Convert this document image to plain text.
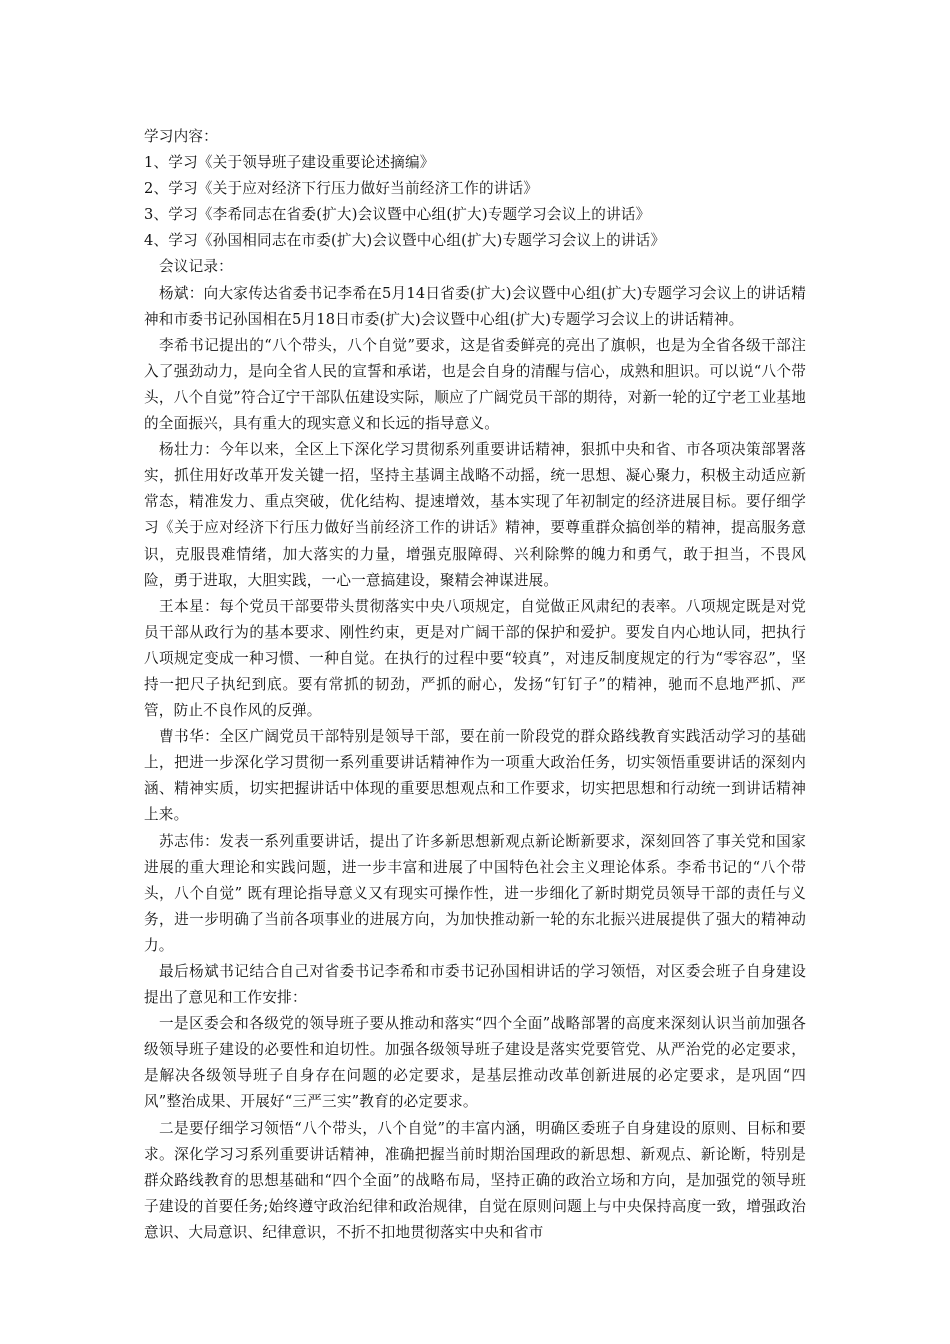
学习内容：

1、学习《关于领导班子建设重要论述摘编》

2、学习《关于应对经济下行压力做好当前经济工作的讲话》

3、学习《李希同志在省委(扩大)会议暨中心组(扩大)专题学习会议上的讲话》

4、学习《孙国相同志在市委(扩大)会议暨中心组(扩大)专题学习会议上的讲话》

会议记录：

杨斌：向大家传达省委书记李希在5月14日省委(扩大)会议暨中心组(扩大)专题学习会议上的讲话精神和市委书记孙国相在5月18日市委(扩大)会议暨中心组(扩大)专题学习会议上的讲话精神。

李希书记提出的“八个带头，八个自觉”要求，这是省委鲜亮的亮出了旗帜，也是为全省各级干部注入了强劲动力，是向全省人民的宣誓和承诺，也是会自身的清醒与信心，成熟和胆识。可以说“八个带头，八个自觉”符合辽宁干部队伍建设实际，顺应了广阔党员干部的期待，对新一轮的辽宁老工业基地的全面振兴，具有重大的现实意义和长远的指导意义。

杨壮力：今年以来，全区上下深化学习贯彻系列重要讲话精神，狠抓中央和省、市各项决策部署落实，抓住用好改革开发关键一招，坚持主基调主战略不动摇，统一思想、凝心聚力，积极主动适应新常态，精准发力、重点突破，优化结构、提速增效，基本实现了年初制定的经济进展目标。要仔细学习《关于应对经济下行压力做好当前经济工作的讲话》精神，要尊重群众搞创举的精神，提高服务意识，克服畏难情绪，加大落实的力量，增强克服障碍、兴利除弊的魄力和勇气，敢于担当，不畏风险，勇于进取，大胆实践，一心一意搞建设，聚精会神谋进展。

王本星：每个党员干部要带头贯彻落实中央八项规定，自觉做正风肃纪的表率。八项规定既是对党员干部从政行为的基本要求、刚性约束，更是对广阔干部的保护和爱护。要发自内心地认同，把执行八项规定变成一种习惯、一种自觉。在执行的过程中要“较真”，对违反制度规定的行为“零容忍”，坚持一把尺子执纪到底。要有常抓的韧劲，严抓的耐心，发扬“钉钉子”的精神，驰而不息地严抓、严管，防止不良作风的反弹。

曹书华：全区广阔党员干部特别是领导干部，要在前一阶段党的群众路线教育实践活动学习的基础上，把进一步深化学习贯彻一系列重要讲话精神作为一项重大政治任务，切实领悟重要讲话的深刻内涵、精神实质，切实把握讲话中体现的重要思想观点和工作要求，切实把思想和行动统一到讲话精神上来。

苏志伟：发表一系列重要讲话，提出了许多新思想新观点新论断新要求，深刻回答了事关党和国家进展的重大理论和实践问题，进一步丰富和进展了中国特色社会主义理论体系。李希书记的“八个带头，八个自觉” 既有理论指导意义又有现实可操作性，进一步细化了新时期党员领导干部的责任与义务，进一步明确了当前各项事业的进展方向，为加快推动新一轮的东北振兴进展提供了强大的精神动力。

最后杨斌书记结合自己对省委书记李希和市委书记孙国相讲话的学习领悟，对区委会班子自身建设提出了意见和工作安排：

一是区委会和各级党的领导班子要从推动和落实“四个全面”战略部署的高度来深刻认识当前加强各级领导班子建设的必要性和迫切性。加强各级领导班子建设是落实党要管党、从严治党的必定要求，是解决各级领导班子自身存在问题的必定要求，是基层推动改革创新进展的必定要求，是巩固“四风”整治成果、开展好“三严三实”教育的必定要求。

二是要仔细学习领悟“八个带头，八个自觉”的丰富内涵，明确区委班子自身建设的原则、目标和要求。深化学习习系列重要讲话精神，准确把握当前时期治国理政的新思想、新观点、新论断，特别是群众路线教育的思想基础和“四个全面”的战略布局，坚持正确的政治立场和方向，是加强党的领导班子建设的首要任务;始终遵守政治纪律和政治规律，自觉在原则问题上与中央保持高度一致，增强政治意识、大局意识、纪律意识，不折不扣地贯彻落实中央和省市
